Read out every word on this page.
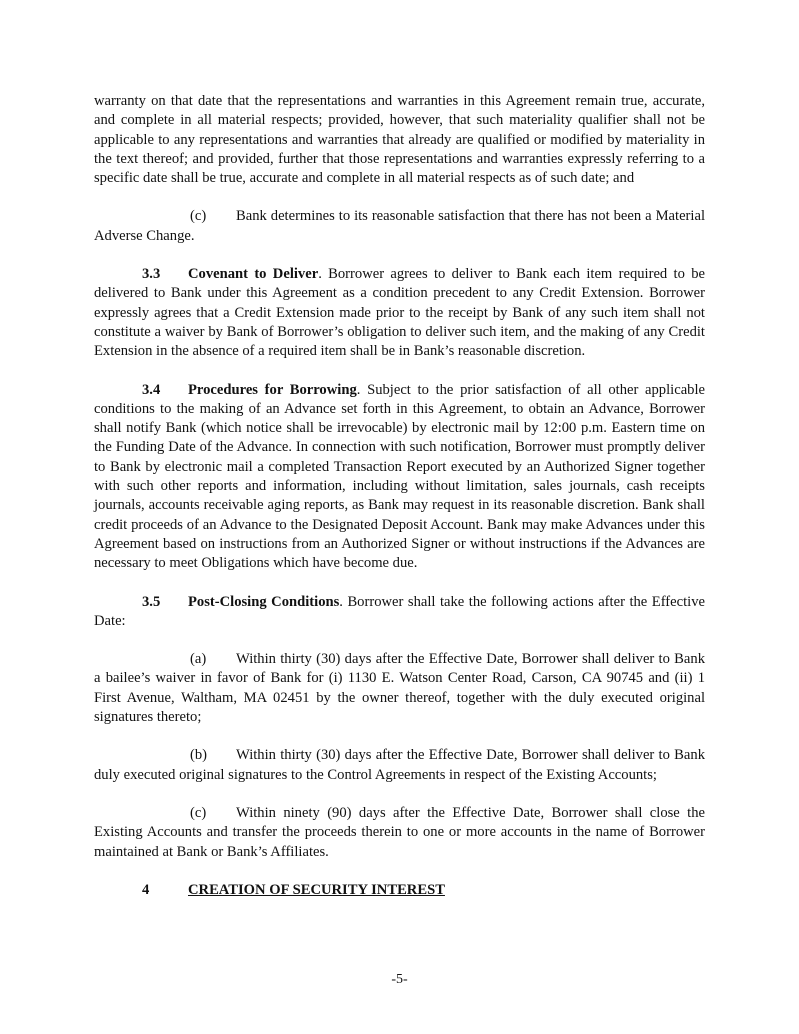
warranty on that date that the representations and warranties in this Agreement remain true, accurate, and complete in all material respects; provided, however, that such materiality qualifier shall not be applicable to any representations and warranties that already are qualified or modified by materiality in the text thereof; and provided, further that those representations and warranties expressly referring to a specific date shall be true, accurate and complete in all material respects as of such date; and

(c) Bank determines to its reasonable satisfaction that there has not been a Material Adverse Change.

3.3 Covenant to Deliver. Borrower agrees to deliver to Bank each item required to be delivered to Bank under this Agreement as a condition precedent to any Credit Extension. Borrower expressly agrees that a Credit Extension made prior to the receipt by Bank of any such item shall not constitute a waiver by Bank of Borrower’s obligation to deliver such item, and the making of any Credit Extension in the absence of a required item shall be in Bank’s reasonable discretion.

3.4 Procedures for Borrowing. Subject to the prior satisfaction of all other applicable conditions to the making of an Advance set forth in this Agreement, to obtain an Advance, Borrower shall notify Bank (which notice shall be irrevocable) by electronic mail by 12:00 p.m. Eastern time on the Funding Date of the Advance. In connection with such notification, Borrower must promptly deliver to Bank by electronic mail a completed Transaction Report executed by an Authorized Signer together with such other reports and information, including without limitation, sales journals, cash receipts journals, accounts receivable aging reports, as Bank may request in its reasonable discretion. Bank shall credit proceeds of an Advance to the Designated Deposit Account. Bank may make Advances under this Agreement based on instructions from an Authorized Signer or without instructions if the Advances are necessary to meet Obligations which have become due.

3.5 Post-Closing Conditions. Borrower shall take the following actions after the Effective Date:

(a) Within thirty (30) days after the Effective Date, Borrower shall deliver to Bank a bailee’s waiver in favor of Bank for (i) 1130 E. Watson Center Road, Carson, CA 90745 and (ii) 1 First Avenue, Waltham, MA 02451 by the owner thereof, together with the duly executed original signatures thereto;

(b) Within thirty (30) days after the Effective Date, Borrower shall deliver to Bank duly executed original signatures to the Control Agreements in respect of the Existing Accounts;

(c) Within ninety (90) days after the Effective Date, Borrower shall close the Existing Accounts and transfer the proceeds therein to one or more accounts in the name of Borrower maintained at Bank or Bank’s Affiliates.

4	CREATION OF SECURITY INTEREST
-5-
